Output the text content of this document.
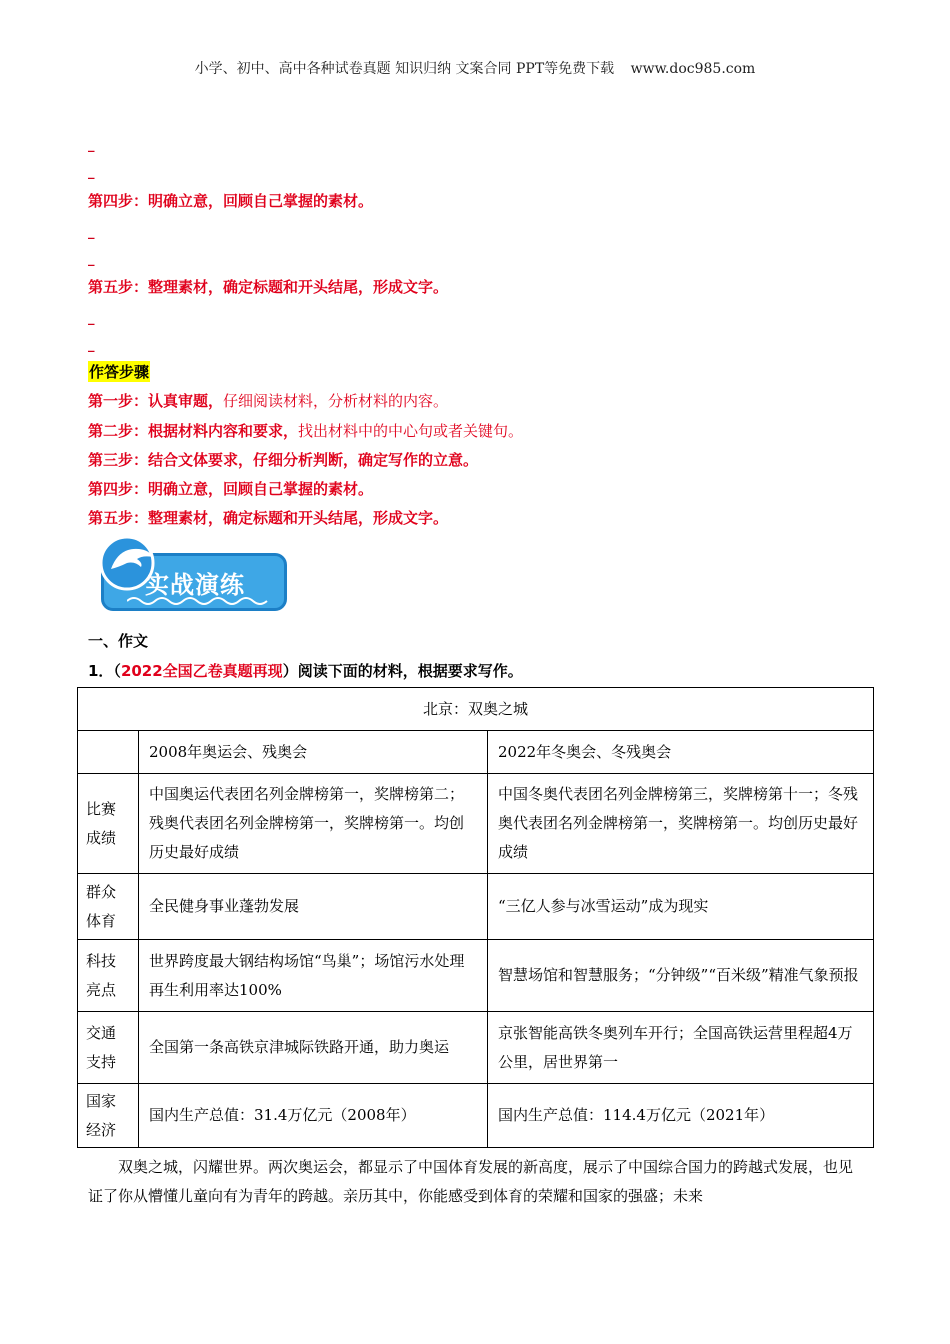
小学、初中、高中各种试卷真题 知识归纳 文案合同 PPT等免费下载 www.doc985.com
_
_
第四步：明确立意，回顾自己掌握的素材。
_
_
第五步：整理素材，确定标题和开头结尾，形成文字。
_
_
作答步骤
第一步：认真审题，仔细阅读材料，分析材料的内容。
第二步：根据材料内容和要求，找出材料中的中心句或者关键句。
第三步：结合文体要求，仔细分析判断，确定写作的立意。
第四步：明确立意，回顾自己掌握的素材。
第五步：整理素材，确定标题和开头结尾，形成文字。
实战演练
一、作文
1．（2022全国乙卷真题再现）阅读下面的材料，根据要求写作。
北京：双奥之城		
	2008年奥运会、残奥会	2022年冬奥会、冬残奥会
比赛成绩	中国奥运代表团名列金牌榜第一，奖牌榜第二；残奥代表团名列金牌榜第一，奖牌榜第一。均创历史最好成绩	中国冬奥代表团名列金牌榜第三，奖牌榜第十一；冬残奥代表团名列金牌榜第一，奖牌榜第一。均创历史最好成绩
群众体育	全民健身事业蓬勃发展	“三亿人参与冰雪运动”成为现实
科技亮点	世界跨度最大钢结构场馆“鸟巢”；场馆污水处理再生利用率达100%	智慧场馆和智慧服务；“分钟级”“百米级”精准气象预报
交通支持	全国第一条高铁京津城际铁路开通，助力奥运	京张智能高铁冬奥列车开行；全国高铁运营里程超4万公里，居世界第一
国家经济	国内生产总值：31.4万亿元（2008年）	国内生产总值：114.4万亿元（2021年）
双奥之城，闪耀世界。两次奥运会，都显示了中国体育发展的新高度，展示了中国综合国力的跨越式发展，也见证了你从懵懂儿童向有为青年的跨越。亲历其中，你能感受到体育的荣耀和国家的强盛；未来
